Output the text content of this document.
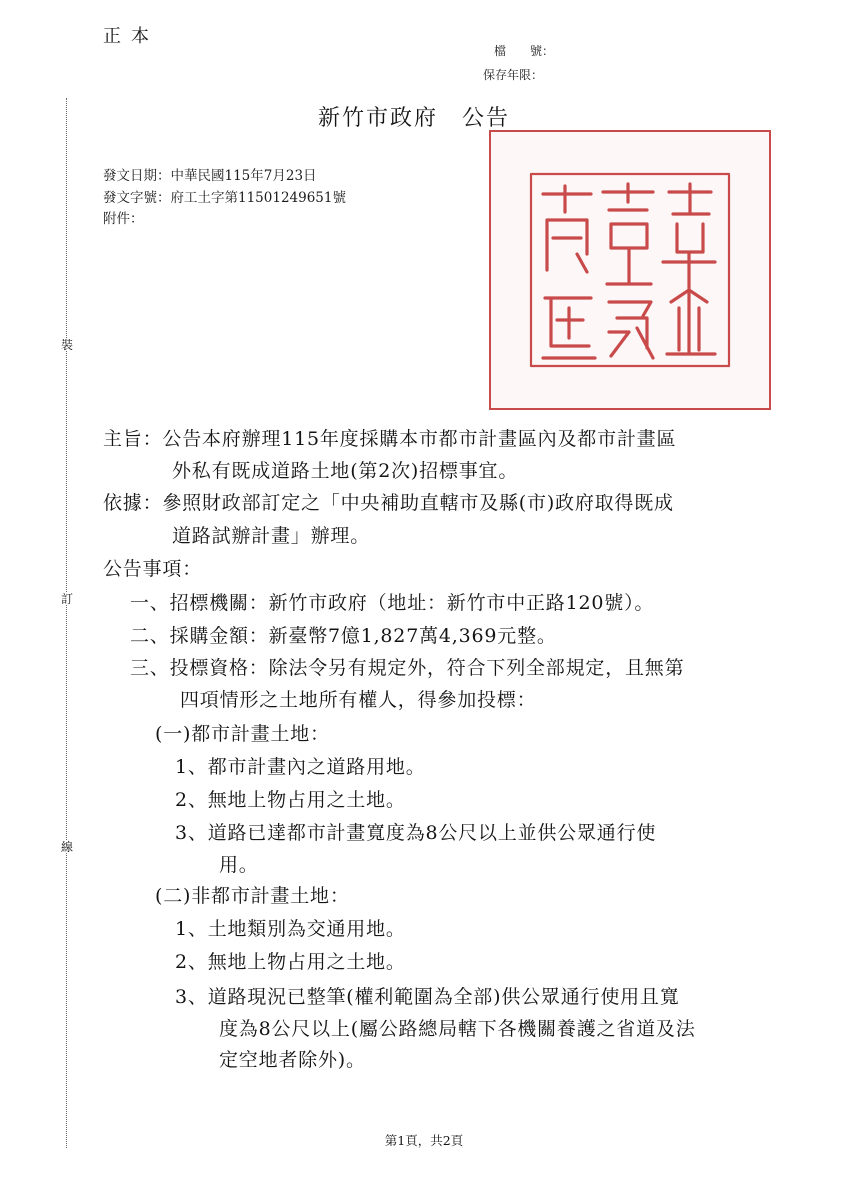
正本
檔　　號：
保存年限：
裝
訂
線
新竹市政府　公告
發文日期：中華民國115年7月23日
發文字號：府工土字第11501249651號
附件：
新竹市政府印
主旨：公告本府辦理115年度採購本市都市計畫區內及都市計畫區
外私有既成道路土地(第2次)招標事宜。
依據：參照財政部訂定之「中央補助直轄市及縣(市)政府取得既成
道路試辦計畫」辦理。
公告事項：
一、招標機關：新竹市政府（地址：新竹市中正路120號）。
二、採購金額：新臺幣7億1,827萬4,369元整。
三、投標資格：除法令另有規定外，符合下列全部規定，且無第
四項情形之土地所有權人，得參加投標：
(一)都市計畫土地：
1、都市計畫內之道路用地。
2、無地上物占用之土地。
3、道路已達都市計畫寬度為8公尺以上並供公眾通行使
用。
(二)非都市計畫土地：
1、土地類別為交通用地。
2、無地上物占用之土地。
3、道路現況已整筆(權利範圍為全部)供公眾通行使用且寬
度為8公尺以上(屬公路總局轄下各機關養護之省道及法
定空地者除外)。
第1頁，共2頁
